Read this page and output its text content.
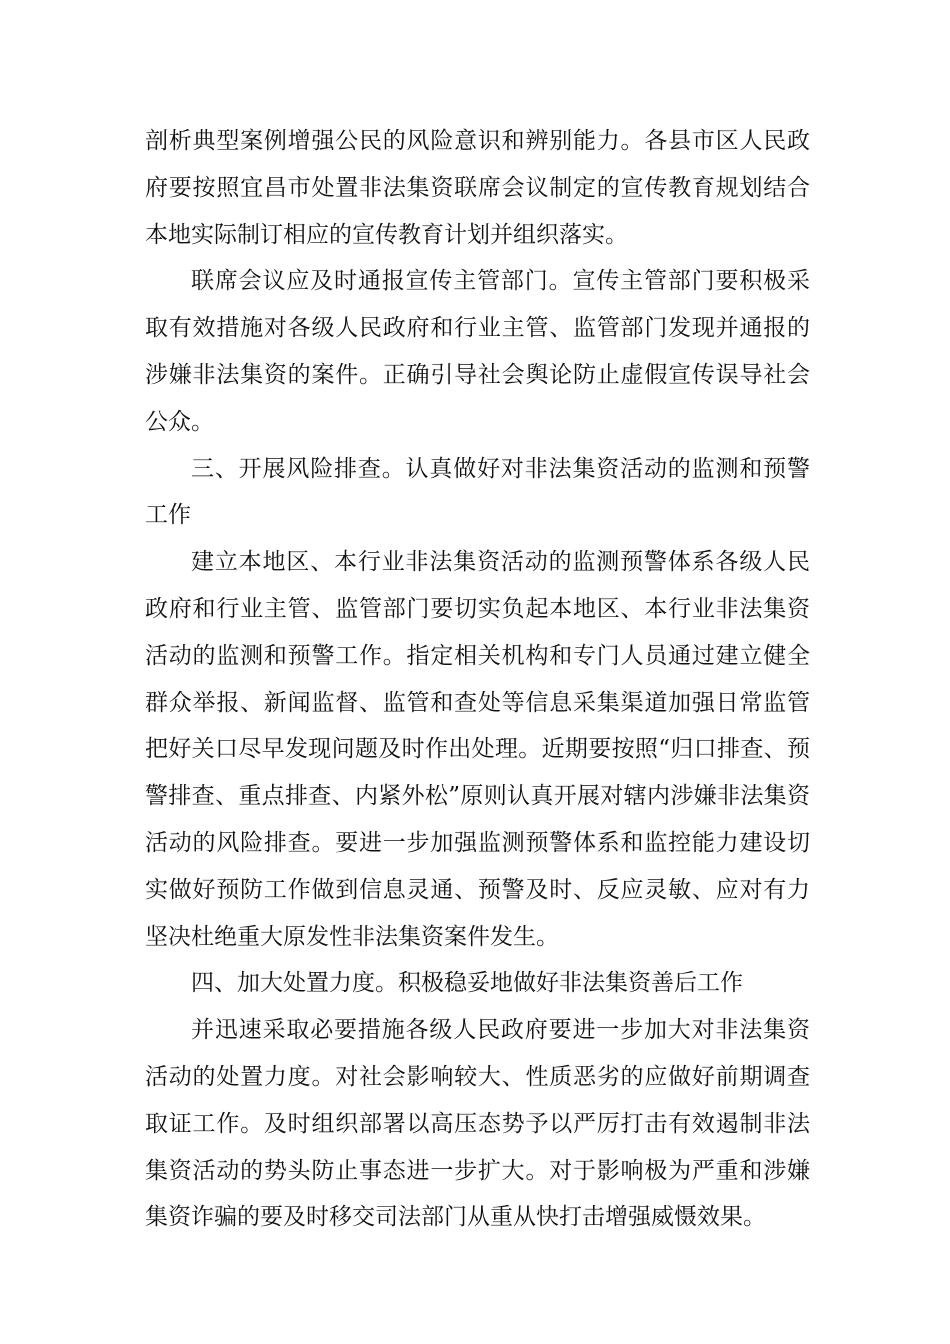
剖析典型案例增强公民的风险意识和辨别能力。各县市区人民政府要按照宜昌市处置非法集资联席会议制定的宣传教育规划结合本地实际制订相应的宣传教育计划并组织落实。

联席会议应及时通报宣传主管部门。宣传主管部门要积极采取有效措施对各级人民政府和行业主管、监管部门发现并通报的涉嫌非法集资的案件。正确引导社会舆论防止虚假宣传误导社会公众。

三、开展风险排查。认真做好对非法集资活动的监测和预警工作

建立本地区、本行业非法集资活动的监测预警体系各级人民政府和行业主管、监管部门要切实负起本地区、本行业非法集资活动的监测和预警工作。指定相关机构和专门人员通过建立健全群众举报、新闻监督、监管和查处等信息采集渠道加强日常监管把好关口尽早发现问题及时作出处理。近期要按照“归口排查、预警排查、重点排查、内紧外松”原则认真开展对辖内涉嫌非法集资活动的风险排查。要进一步加强监测预警体系和监控能力建设切实做好预防工作做到信息灵通、预警及时、反应灵敏、应对有力坚决杜绝重大原发性非法集资案件发生。

四、加大处置力度。积极稳妥地做好非法集资善后工作

并迅速采取必要措施各级人民政府要进一步加大对非法集资活动的处置力度。对社会影响较大、性质恶劣的应做好前期调查取证工作。及时组织部署以高压态势予以严厉打击有效遏制非法集资活动的势头防止事态进一步扩大。对于影响极为严重和涉嫌集资诈骗的要及时移交司法部门从重从快打击增强威慑效果。
